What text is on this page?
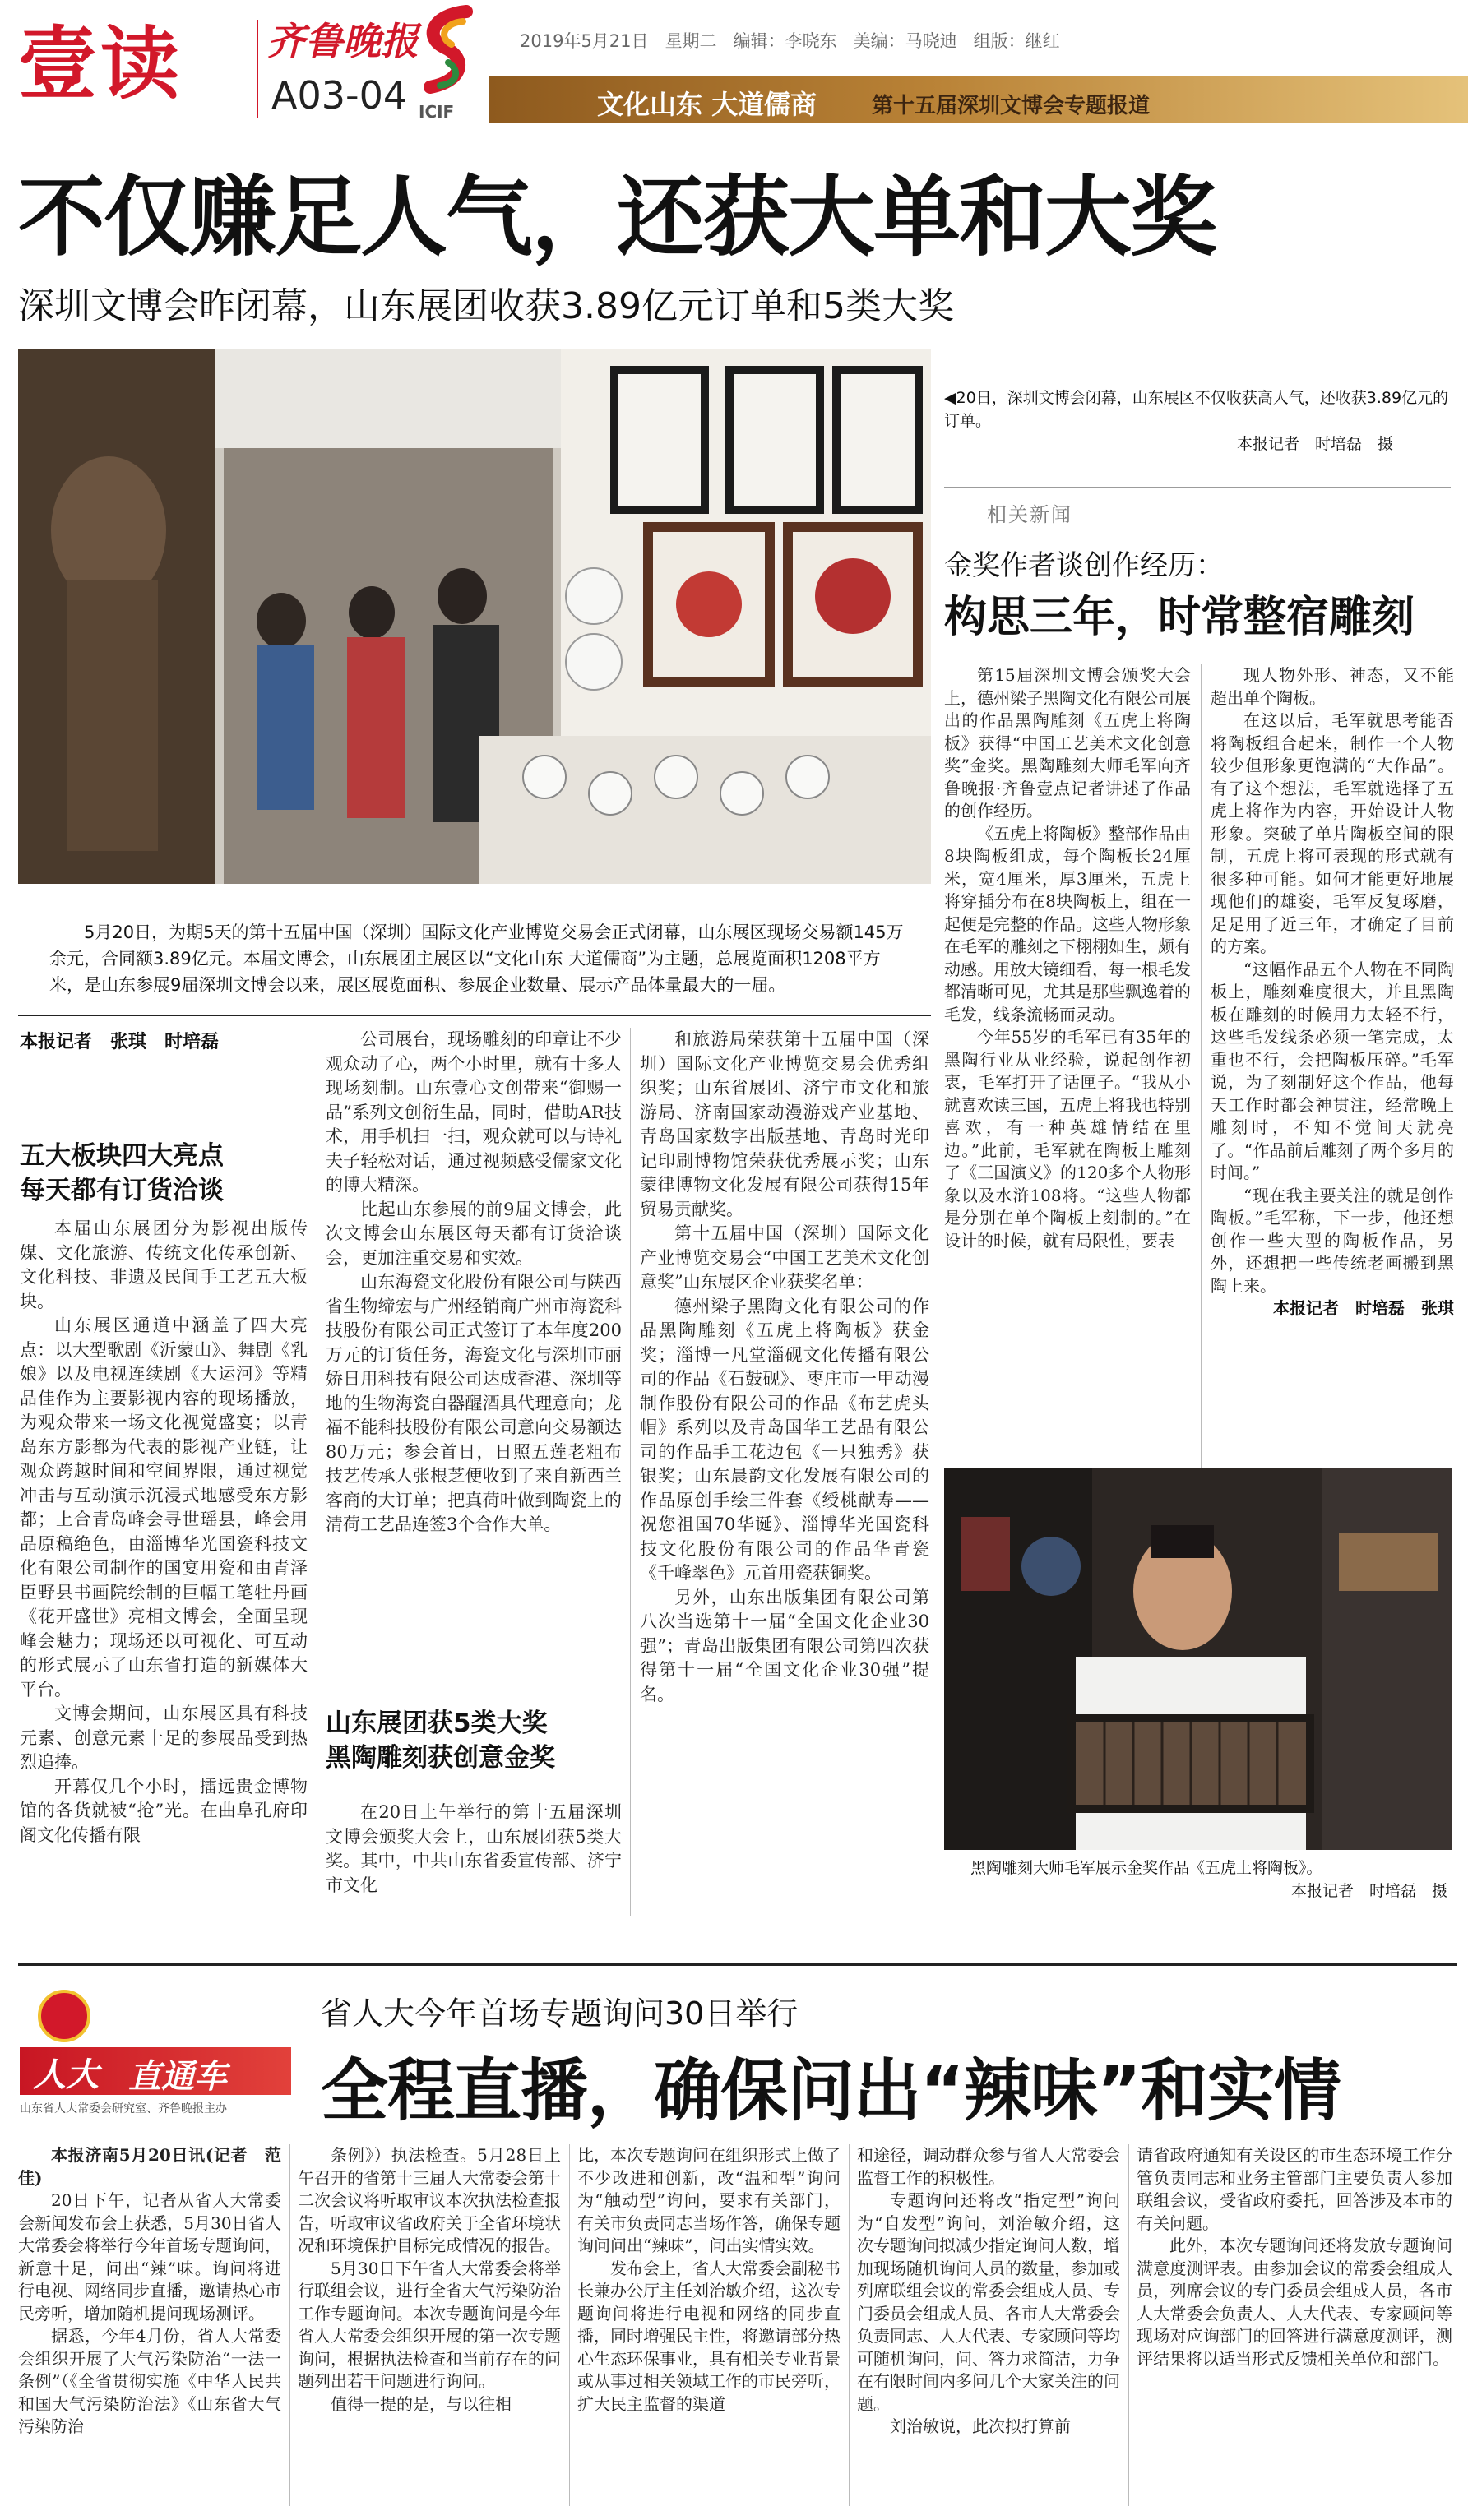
壹读 齐鲁晚报
A03-04 ICIF
2019年5月21日 星期二 编辑：李晓东 美编：马晓迪 组版：继红
文化山东 大道儒商	第十五届深圳文博会专题报道
不仅赚足人气，还获大单和大奖
深圳文博会昨闭幕，山东展团收获3.89亿元订单和5类大奖
5月20日，为期5天的第十五届中国（深圳）国际文化产业博览交易会正式闭幕，山东展区现场交易额145万余元，合同额3.89亿元。本届文博会，山东展团主展区以“文化山东 大道儒商”为主题，总展览面积1208平方米，是山东参展9届深圳文博会以来，展区展览面积、参展企业数量、展示产品体量最大的一届。
◀20日，深圳文博会闭幕，山东展区不仅收获高人气，还收获3.89亿元的订单。
本报记者　时培磊　摄
相关新闻
金奖作者谈创作经历：
构思三年，时常整宿雕刻

第15届深圳文博会颁奖大会上，德州梁子黑陶文化有限公司展出的作品黑陶雕刻《五虎上将陶板》获得“中国工艺美术文化创意奖”金奖。黑陶雕刻大师毛军向齐鲁晚报·齐鲁壹点记者讲述了作品的创作经历。

《五虎上将陶板》整部作品由8块陶板组成，每个陶板长24厘米，宽4厘米，厚3厘米，五虎上将穿插分布在8块陶板上，组在一起便是完整的作品。这些人物形象在毛军的雕刻之下栩栩如生，颇有动感。用放大镜细看，每一根毛发都清晰可见，尤其是那些飘逸着的毛发，线条流畅而灵动。

今年55岁的毛军已有35年的黑陶行业从业经验，说起创作初衷，毛军打开了话匣子。“我从小就喜欢读三国，五虎上将我也特别喜欢，有一种英雄情结在里边。”此前，毛军就在陶板上雕刻了《三国演义》的120多个人物形象以及水浒108将。“这些人物都是分别在单个陶板上刻制的。”在设计的时候，就有局限性，要表

现人物外形、神态，又不能超出单个陶板。

在这以后，毛军就思考能否将陶板组合起来，制作一个人物较少但形象更饱满的“大作品”。有了这个想法，毛军就选择了五虎上将作为内容，开始设计人物形象。突破了单片陶板空间的限制，五虎上将可表现的形式就有很多种可能。如何才能更好地展现他们的雄姿，毛军反复琢磨，足足用了近三年，才确定了目前的方案。

“这幅作品五个人物在不同陶板上，雕刻难度很大，并且黑陶板在雕刻的时候用力太轻不行，这些毛发线条必须一笔完成，太重也不行，会把陶板压碎。”毛军说，为了刻制好这个作品，他每天工作时都会神贯注，经常晚上雕刻时，不知不觉间天就亮了。“作品前后雕刻了两个多月的时间。”

“现在我主要关注的就是创作陶板。”毛军称，下一步，他还想创作一些大型的陶板作品，另外，还想把一些传统老画搬到黑陶上来。

本报记者　时培磊　张琪
黑陶雕刻大师毛军展示金奖作品《五虎上将陶板》。
本报记者　时培磊　摄
本报记者　张琪　时培磊
五大板块四大亮点
每天都有订货洽谈

本届山东展团分为影视出版传媒、文化旅游、传统文化传承创新、文化科技、非遗及民间手工艺五大板块。

山东展区通道中涵盖了四大亮点：以大型歌剧《沂蒙山》、舞剧《乳娘》以及电视连续剧《大运河》等精品佳作为主要影视内容的现场播放，为观众带来一场文化视觉盛宴；以青岛东方影都为代表的影视产业链，让观众跨越时间和空间界限，通过视觉冲击与互动演示沉浸式地感受东方影都；上合青岛峰会寻世瑶县，峰会用品原稿绝色，由淄博华光国瓷科技文化有限公司制作的国宴用瓷和由青泽臣野县书画院绘制的巨幅工笔牡丹画《花开盛世》亮相文博会，全面呈现峰会魅力；现场还以可视化、可互动的形式展示了山东省打造的新媒体大平台。

文博会期间，山东展区具有科技元素、创意元素十足的参展品受到热烈追捧。

开幕仅几个小时，擂远贵金博物馆的各货就被“抢”光。在曲阜孔府印阁文化传播有限

公司展台，现场雕刻的印章让不少观众动了心，两个小时里，就有十多人现场刻制。山东壹心文创带来“御赐一品”系列文创衍生品，同时，借助AR技术，用手机扫一扫，观众就可以与诗礼夫子轻松对话，通过视频感受儒家文化的博大精深。

比起山东参展的前9届文博会，此次文博会山东展区每天都有订货洽谈会，更加注重交易和实效。

山东海瓷文化股份有限公司与陕西省生物缔宏与广州经销商广州市海瓷科技股份有限公司正式签订了本年度200万元的订货任务，海瓷文化与深圳市丽娇日用科技有限公司达成香港、深圳等地的生物海瓷白器醒酒具代理意向；龙福不能科技股份有限公司意向交易额达80万元；参会首日，日照五莲老粗布技艺传承人张根芝便收到了来自新西兰客商的大订单；把真荷叶做到陶瓷上的清荷工艺品连签3个合作大单。

山东展团获5类大奖
黑陶雕刻获创意金奖

在20日上午举行的第十五届深圳文博会颁奖大会上，山东展团获5类大奖。其中，中共山东省委宣传部、济宁市文化

和旅游局荣获第十五届中国（深圳）国际文化产业博览交易会优秀组织奖；山东省展团、济宁市文化和旅游局、济南国家动漫游戏产业基地、青岛国家数字出版基地、青岛时光印记印刷博物馆荣获优秀展示奖；山东蒙律博物文化发展有限公司获得15年贸易贡献奖。

第十五届中国（深圳）国际文化产业博览交易会“中国工艺美术文化创意奖”山东展区企业获奖名单：

德州梁子黑陶文化有限公司的作品黑陶雕刻《五虎上将陶板》获金奖；淄博一凡堂淄砚文化传播有限公司的作品《石鼓砚》、枣庄市一甲动漫制作股份有限公司的作品《布艺虎头帽》系列以及青岛国华工艺品有限公司的作品手工花边包《一只独秀》获银奖；山东晨韵文化发展有限公司的作品原创手绘三件套《绶桃献寿——祝您祖国70华诞》、淄博华光国瓷科技文化股份有限公司的作品华青瓷《千峰翠色》元首用瓷获铜奖。

另外，山东出版集团有限公司第八次当选第十一届“全国文化企业30强”；青岛出版集团有限公司第四次获得第十一届“全国文化企业30强”提名。

人大 直通车
山东省人大常委会研究室、齐鲁晚报主办
省人大今年首场专题询问30日举行
全程直播，确保问出“辣味”和实情
本报济南5月20日讯(记者　范佳)

20日下午，记者从省人大常委会新闻发布会上获悉，5月30日省人大常委会将举行今年首场专题询问，新意十足，问出“辣”味。询问将进行电视、网络同步直播，邀请热心市民旁听，增加随机提问现场测评。

据悉，今年4月份，省人大常委会组织开展了大气污染防治“一法一条例”（《全省贯彻实施《中华人民共和国大气污染防治法》《山东省大气污染防治

条例》）执法检查。5月28日上午召开的省第十三届人大常委会第十二次会议将听取审议本次执法检查报告，听取审议省政府关于全省环境状况和环境保护目标完成情况的报告。

5月30日下午省人大常委会将举行联组会议，进行全省大气污染防治工作专题询问。本次专题询问是今年省人大常委会组织开展的第一次专题询问，根据执法检查和当前存在的问题列出若干问题进行询问。

值得一提的是，与以往相

比，本次专题询问在组织形式上做了不少改进和创新，改“温和型”询问为“触动型”询问，要求有关部门，有关市负责同志当场作答，确保专题询问问出“辣味”，问出实情实效。

发布会上，省人大常委会副秘书长兼办公厅主任刘治敏介绍，这次专题询问将进行电视和网络的同步直播，同时增强民主性，将邀请部分热心生态环保事业，具有相关专业背景或从事过相关领域工作的市民旁听，扩大民主监督的渠道

和途径，调动群众参与省人大常委会监督工作的积极性。

专题询问还将改“指定型”询问为“自发型”询问，刘治敏介绍，这次专题询问拟减少指定询问人数，增加现场随机询问人员的数量，参加或列席联组会议的常委会组成人员、专门委员会组成人员、各市人大常委会负责同志、人大代表、专家顾问等均可随机询问，问、答力求简洁，力争在有限时间内多问几个大家关注的问题。

刘治敏说，此次拟打算前

请省政府通知有关设区的市生态环境工作分管负责同志和业务主管部门主要负责人参加联组会议，受省政府委托，回答涉及本市的有关问题。

此外，本次专题询问还将发放专题询问满意度测评表。由参加会议的常委会组成人员，列席会议的专门委员会组成人员，各市人大常委会负责人、人大代表、专家顾问等现场对应询部门的回答进行满意度测评，测评结果将以适当形式反馈相关单位和部门。
